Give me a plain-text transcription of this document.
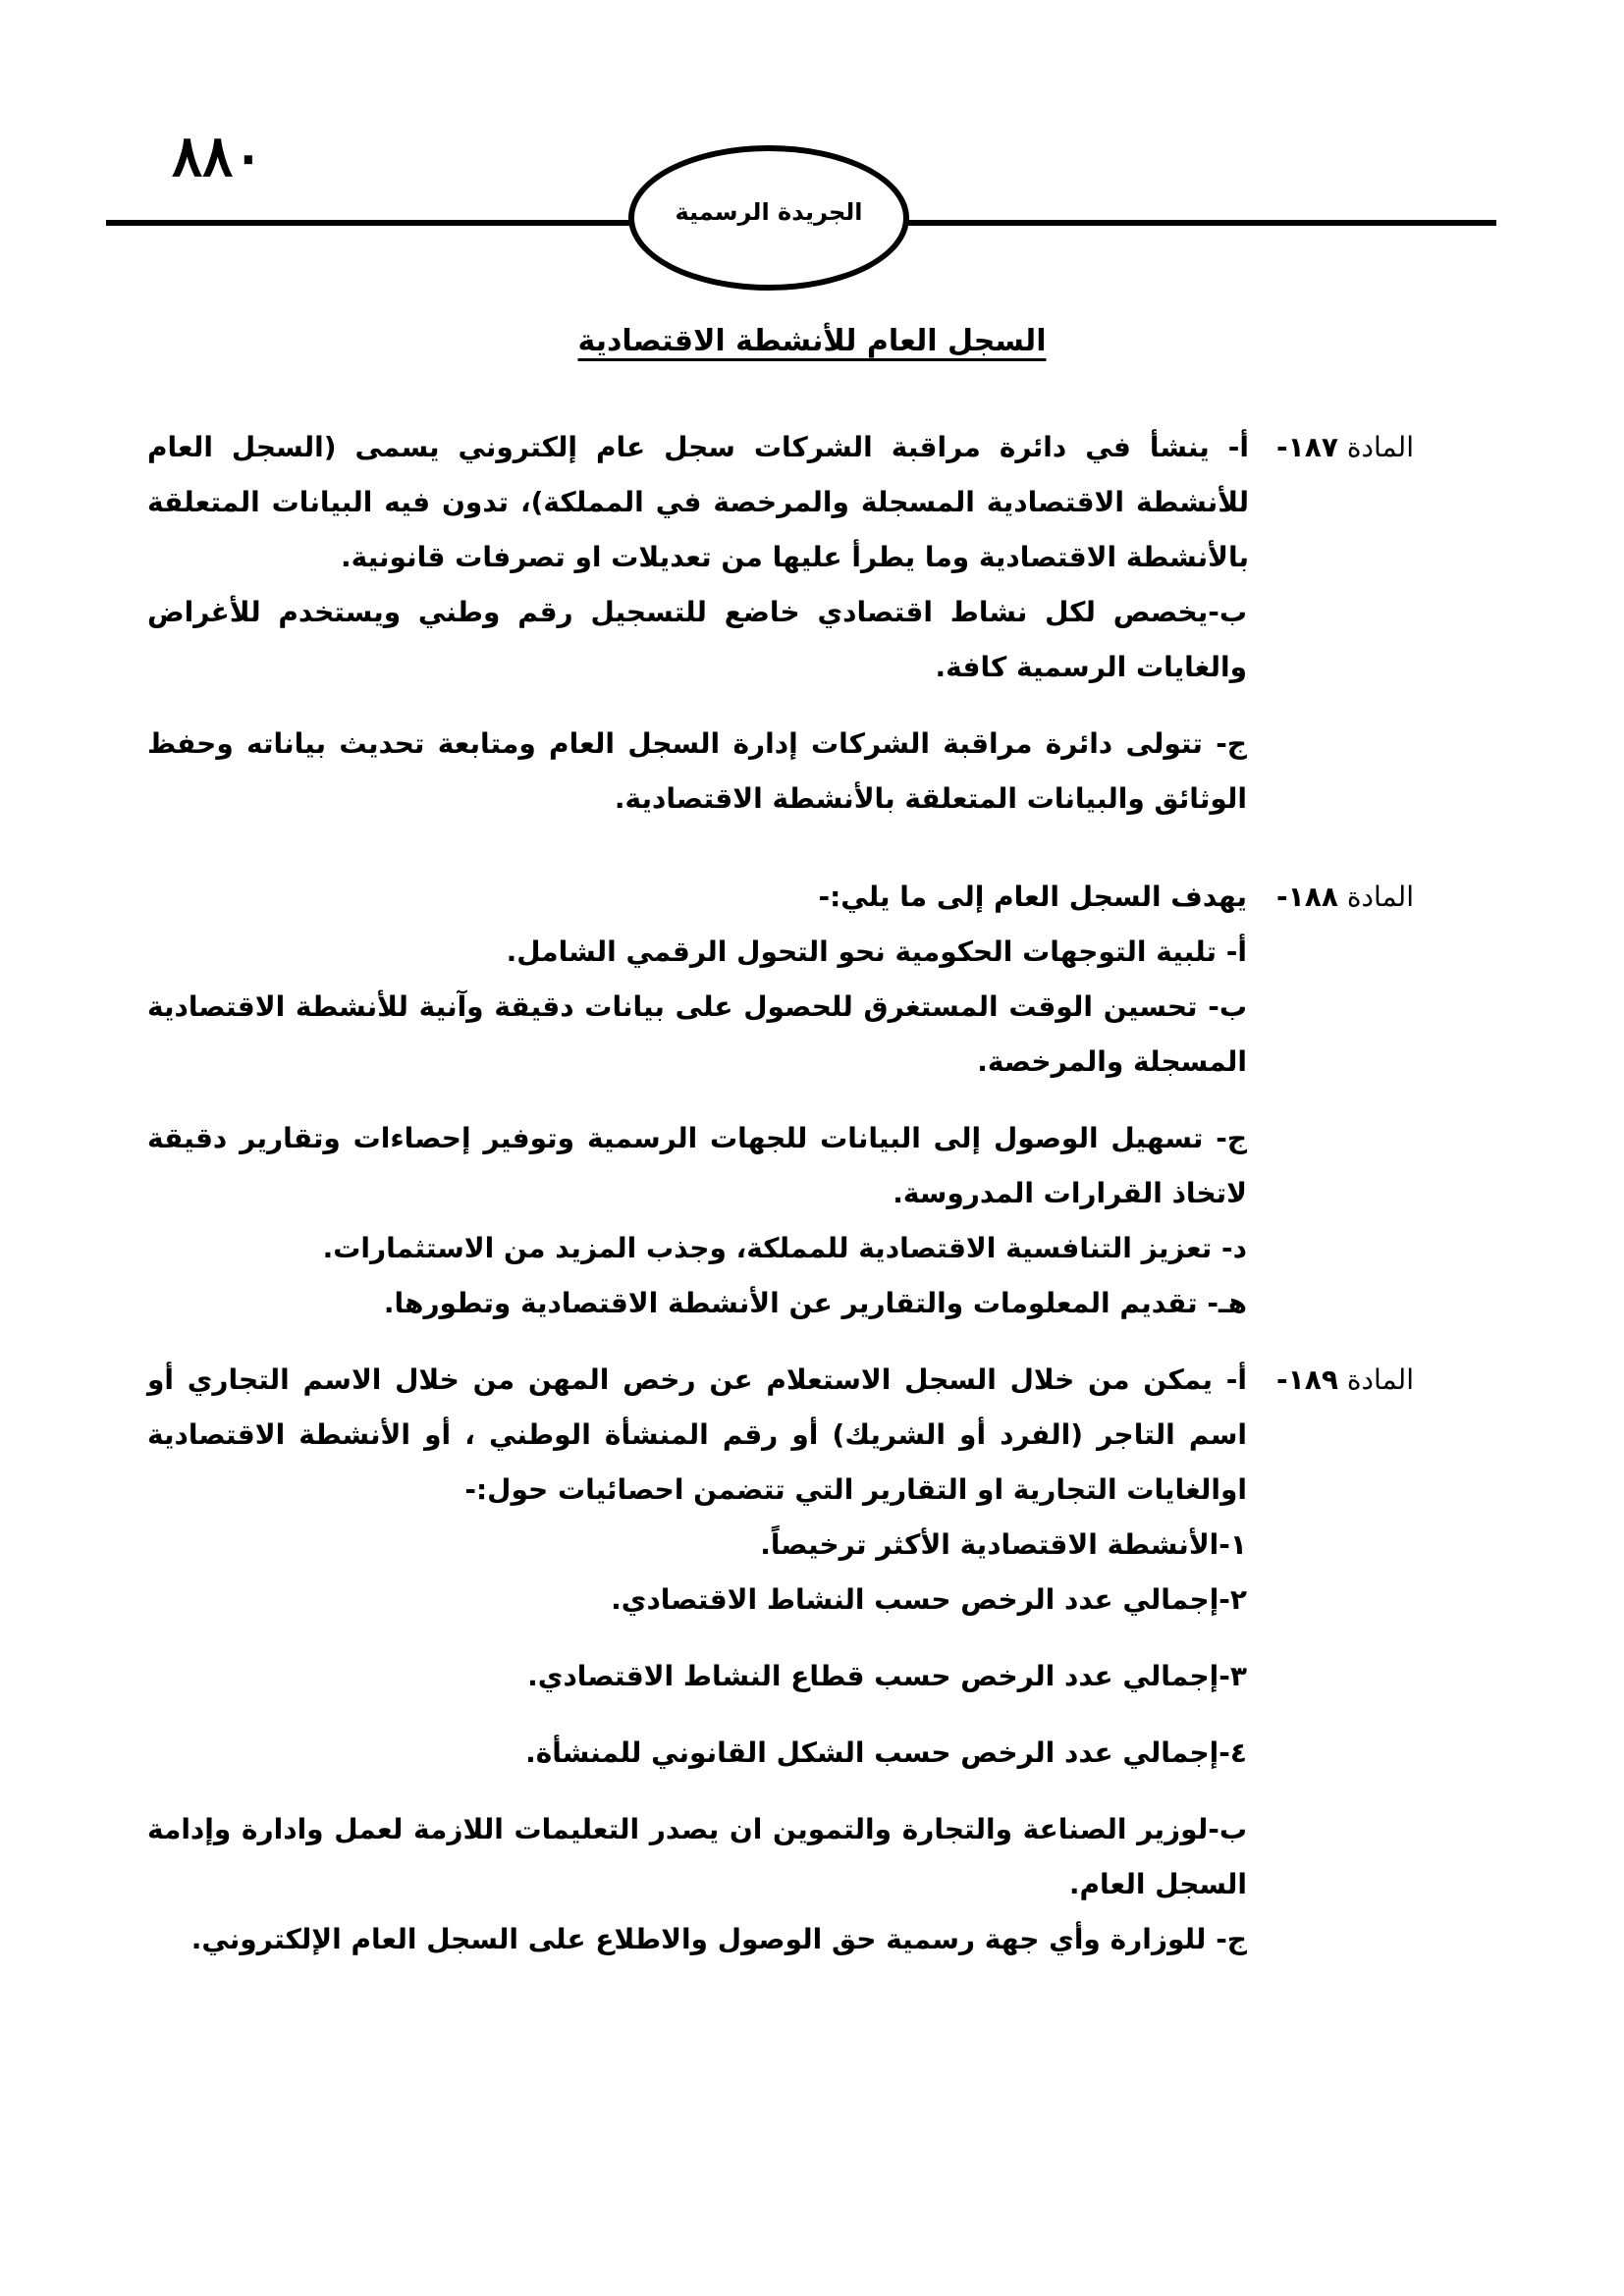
٨٨٠
الجريدة الرسمية
السجل العام للأنشطة الاقتصادية
المادة ١٨٧-
أ- ينشأ في دائرة مراقبة الشركات سجل عام إلكتروني يسمى (السجل العام للأنشطة الاقتصادية المسجلة والمرخصة في المملكة)، تدون فيه البيانات المتعلقة بالأنشطة الاقتصادية وما يطرأ عليها من تعديلات او تصرفات قانونية.
ب-يخصص لكل نشاط اقتصادي خاضع للتسجيل رقم وطني ويستخدم للأغراض والغايات الرسمية كافة.
ج- تتولى دائرة مراقبة الشركات إدارة السجل العام ومتابعة تحديث بياناته وحفظ الوثائق والبيانات المتعلقة بالأنشطة الاقتصادية.
المادة ١٨٨-
يهدف السجل العام إلى ما يلي:-
أ- تلبية التوجهات الحكومية نحو التحول الرقمي الشامل.
ب- تحسين الوقت المستغرق للحصول على بيانات دقيقة وآنية للأنشطة الاقتصادية المسجلة والمرخصة.
ج- تسهيل الوصول إلى البيانات للجهات الرسمية وتوفير إحصاءات وتقارير دقيقة لاتخاذ القرارات المدروسة.
د- تعزيز التنافسية الاقتصادية للمملكة، وجذب المزيد من الاستثمارات.
هـ- تقديم المعلومات والتقارير عن الأنشطة الاقتصادية وتطورها.
المادة ١٨٩-
أ- يمكن من خلال السجل الاستعلام عن رخص المهن من خلال الاسم التجاري أو اسم التاجر (الفرد أو الشريك) أو رقم المنشأة الوطني ، أو الأنشطة الاقتصادية اوالغايات التجارية او التقارير التي تتضمن احصائيات حول:-
١-الأنشطة الاقتصادية الأكثر ترخيصاً.
٢-إجمالي عدد الرخص حسب النشاط الاقتصادي.
٣-إجمالي عدد الرخص حسب قطاع النشاط الاقتصادي.
٤-إجمالي عدد الرخص حسب الشكل القانوني للمنشأة.
ب-لوزير الصناعة والتجارة والتموين ان يصدر التعليمات اللازمة لعمل وادارة وإدامة السجل العام.
ج- للوزارة وأي جهة رسمية حق الوصول والاطلاع على السجل العام الإلكتروني.
